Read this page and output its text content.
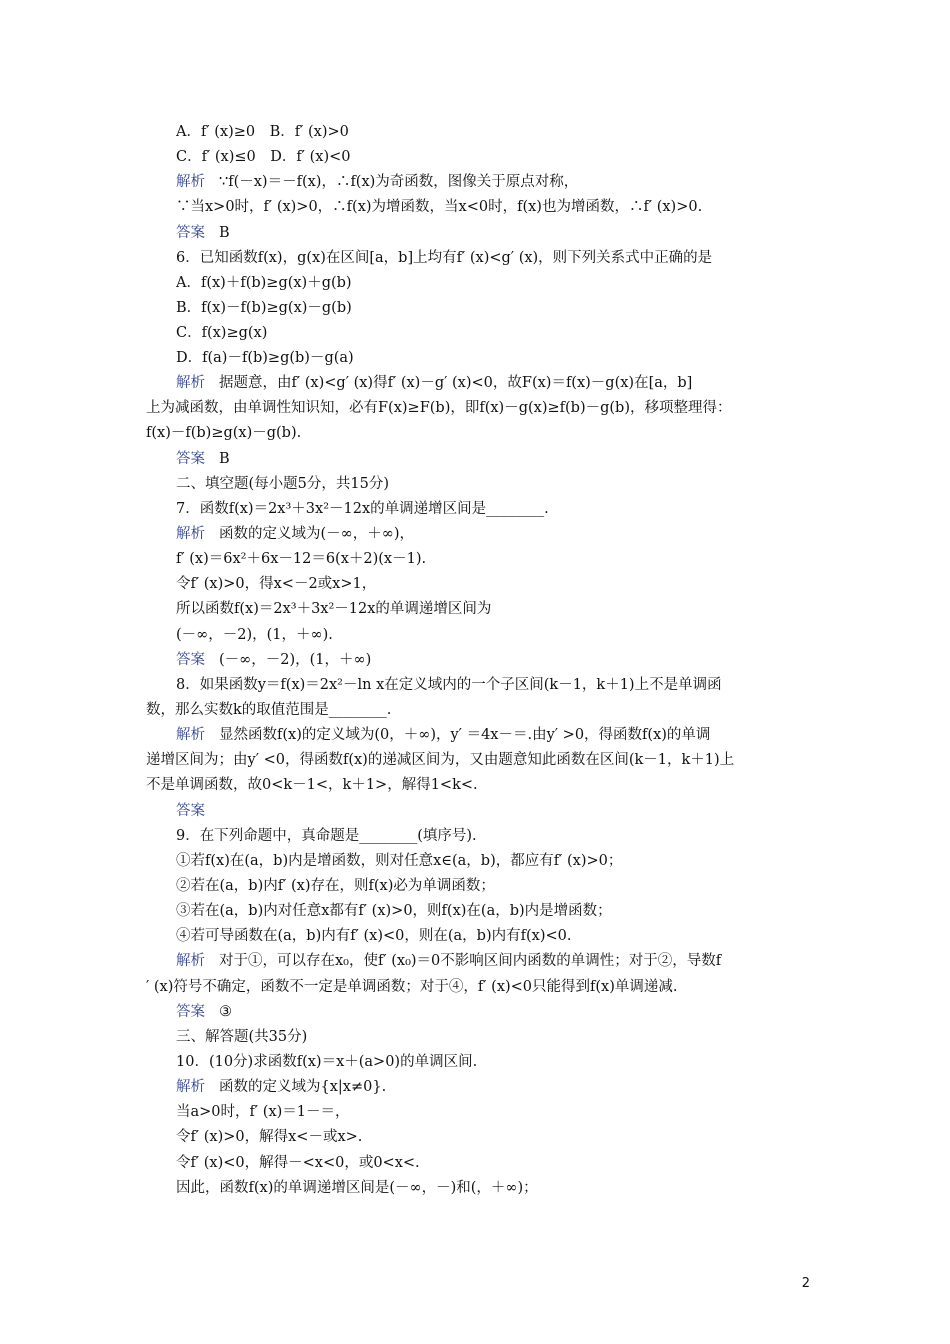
A．f′ (x)≥0　B．f′ (x)>0
C．f′ (x)≤0　D．f′ (x)<0
解析 ∵f(－x)＝－f(x)，∴f(x)为奇函数，图像关于原点对称，
∵当x>0时，f′ (x)>0，∴f(x)为增函数，当x<0时，f(x)也为增函数，∴f′ (x)>0.
答案 B
6．已知函数f(x)，g(x)在区间[a，b]上均有f′ (x)<g′ (x)，则下列关系式中正确的是
A．f(x)＋f(b)≥g(x)＋g(b)
B．f(x)－f(b)≥g(x)－g(b)
C．f(x)≥g(x)
D．f(a)－f(b)≥g(b)－g(a)
解析 据题意，由f′ (x)<g′ (x)得f′ (x)－g′ (x)<0，故F(x)＝f(x)－g(x)在[a，b]
上为减函数，由单调性知识知，必有F(x)≥F(b)，即f(x)－g(x)≥f(b)－g(b)，移项整理得：
f(x)－f(b)≥g(x)－g(b).
答案 B
二、填空题(每小题5分，共15分)
7．函数f(x)＝2x³＋3x²－12x的单调递增区间是________.
解析 函数的定义域为(－∞，＋∞)，
f′ (x)＝6x²＋6x－12＝6(x＋2)(x－1).
令f′ (x)>0，得x<－2或x>1，
所以函数f(x)＝2x³＋3x²－12x的单调递增区间为
(－∞，－2)，(1，＋∞).
答案 (－∞，－2)，(1，＋∞)
8．如果函数y＝f(x)＝2x²－ln x在定义域内的一个子区间(k－1，k＋1)上不是单调函
数，那么实数k的取值范围是________.
解析 显然函数f(x)的定义域为(0，＋∞)，y′ ＝4x－＝.由y′ >0，得函数f(x)的单调
递增区间为；由y′ <0，得函数f(x)的递减区间为，又由题意知此函数在区间(k－1，k＋1)上
不是单调函数，故0<k－1<，k＋1>，解得1<k<.
答案
9．在下列命题中，真命题是________(填序号).
①若f(x)在(a，b)内是增函数，则对任意x∈(a，b)，都应有f′ (x)>0；
②若在(a，b)内f′ (x)存在，则f(x)必为单调函数；
③若在(a，b)内对任意x都有f′ (x)>0，则f(x)在(a，b)内是增函数；
④若可导函数在(a，b)内有f′ (x)<0，则在(a，b)内有f(x)<0.
解析 对于①，可以存在x₀，使f′ (x₀)＝0不影响区间内函数的单调性；对于②，导数f
′ (x)符号不确定，函数不一定是单调函数；对于④，f′ (x)<0只能得到f(x)单调递减.
答案 ③
三、解答题(共35分)
10．(10分)求函数f(x)＝x＋(a>0)的单调区间.
解析 函数的定义域为{x|x≠0}.
当a>0时，f′ (x)＝1－＝，
令f′ (x)>0，解得x<－或x>.
令f′ (x)<0，解得－<x<0，或0<x<.
因此，函数f(x)的单调递增区间是(－∞，－)和(，＋∞)；
2
